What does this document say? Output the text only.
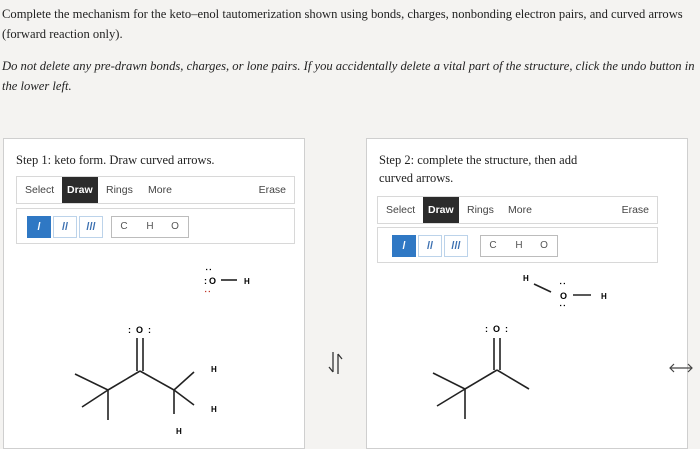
Complete the mechanism for the keto–enol tautomerization shown using bonds, charges, nonbonding electron pairs, and curved arrows (forward reaction only).

Do not delete any pre-drawn bonds, charges, or lone pairs. If you accidentally delete a vital part of the structure, click the undo button in the lower left.

Step 1: keto form. Draw curved arrows.
Select	Draw	Rings More	Erase
/	//	///	C	H	O
:
:
O	H
:
: O :
H
H
H
Step 2: complete the structure, then add curved arrows.
Select	Draw	Rings More	Erase
/	//	///	C	H	O
H
:
O
:
H
: O :
